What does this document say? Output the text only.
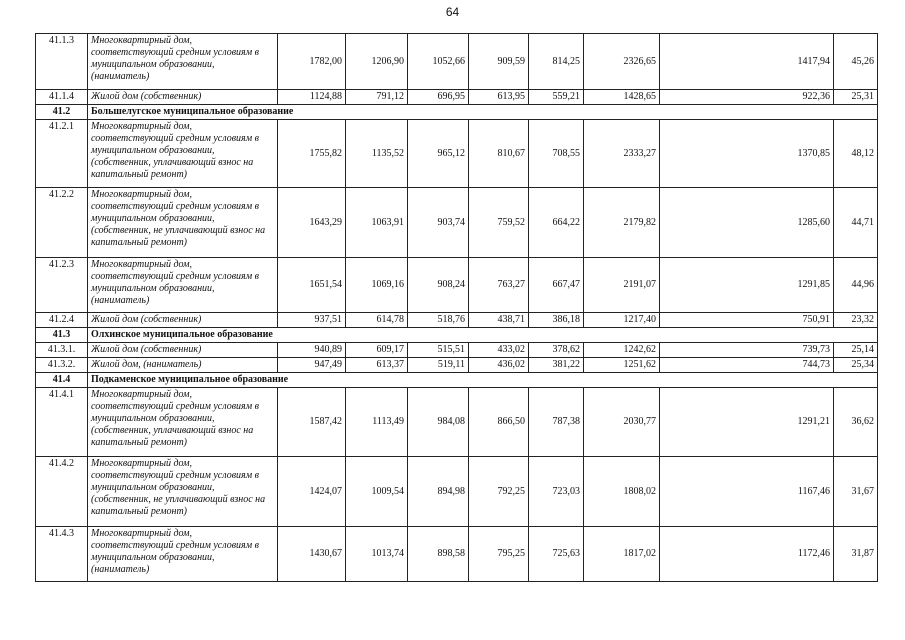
64
41.1.3	Многоквартирный дом, соответствующий средним условиям в муниципальном образовании, (наниматель)	1782,00	1206,90	1052,66	909,59	814,25	2326,65	1417,94	45,26
41.1.4	Жилой дом (собственник)	1124,88	791,12	696,95	613,95	559,21	1428,65	922,36	25,31
41.2	Большелугское муниципальное образование								
41.2.1	Многоквартирный дом, соответствующий средним условиям в муниципальном образовании, (собственник, уплачивающий взнос на капитальный ремонт)	1755,82	1135,52	965,12	810,67	708,55	2333,27	1370,85	48,12
41.2.2	Многоквартирный дом, соответствующий средним условиям в муниципальном образовании, (собственник, не уплачивающий взнос на капитальный ремонт)	1643,29	1063,91	903,74	759,52	664,22	2179,82	1285,60	44,71
41.2.3	Многоквартирный дом, соответствующий средним условиям в муниципальном образовании, (наниматель)	1651,54	1069,16	908,24	763,27	667,47	2191,07	1291,85	44,96
41.2.4	Жилой дом (собственник)	937,51	614,78	518,76	438,71	386,18	1217,40	750,91	23,32
41.3	Олхинское муниципальное образование								
41.3.1.	Жилой дом (собственник)	940,89	609,17	515,51	433,02	378,62	1242,62	739,73	25,14
41.3.2.	Жилой дом, (наниматель)	947,49	613,37	519,11	436,02	381,22	1251,62	744,73	25,34
41.4	Подкаменское муниципальное образование								
41.4.1	Многоквартирный дом, соответствующий средним условиям в муниципальном образовании, (собственник, уплачивающий взнос на капитальный ремонт)	1587,42	1113,49	984,08	866,50	787,38	2030,77	1291,21	36,62
41.4.2	Многоквартирный дом, соответствующий средним условиям в муниципальном образовании, (собственник, не уплачивающий взнос на капитальный ремонт)	1424,07	1009,54	894,98	792,25	723,03	1808,02	1167,46	31,67
41.4.3	Многоквартирный дом, соответствующий средним условиям в муниципальном образовании, (наниматель)	1430,67	1013,74	898,58	795,25	725,63	1817,02	1172,46	31,87
